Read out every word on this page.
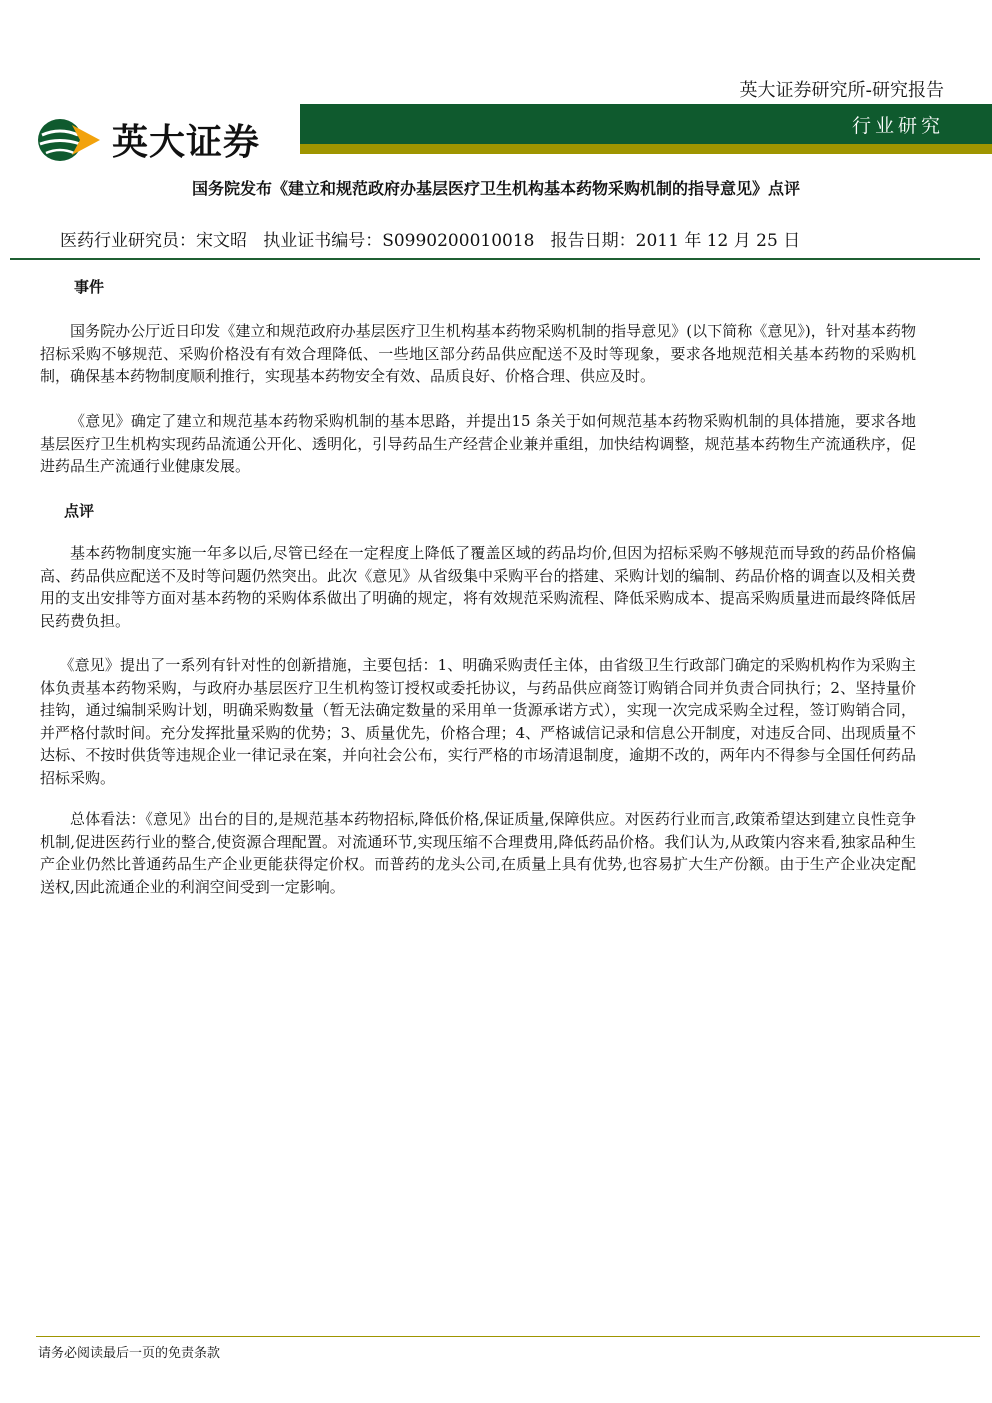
英大证券研究所-研究报告
英大证券	行业研究
国务院发布《建立和规范政府办基层医疗卫生机构基本药物采购机制的指导意见》点评
医药行业研究员：宋文昭   执业证书编号：S0990200010018   报告日期：2011 年 12 月 25 日
事件

国务院办公厅近日印发《建立和规范政府办基层医疗卫生机构基本药物采购机制的指导意见》(以下简称《意见》)，针对基本药物招标采购不够规范、采购价格没有有效合理降低、一些地区部分药品供应配送不及时等现象，要求各地规范相关基本药物的采购机制，确保基本药物制度顺利推行，实现基本药物安全有效、品质良好、价格合理、供应及时。

《意见》确定了建立和规范基本药物采购机制的基本思路，并提出15 条关于如何规范基本药物采购机制的具体措施，要求各地基层医疗卫生机构实现药品流通公开化、透明化，引导药品生产经营企业兼并重组，加快结构调整，规范基本药物生产流通秩序，促进药品生产流通行业健康发展。

点评

基本药物制度实施一年多以后,尽管已经在一定程度上降低了覆盖区域的药品均价,但因为招标采购不够规范而导致的药品价格偏高、药品供应配送不及时等问题仍然突出。此次《意见》从省级集中采购平台的搭建、采购计划的编制、药品价格的调查以及相关费用的支出安排等方面对基本药物的采购体系做出了明确的规定，将有效规范采购流程、降低采购成本、提高采购质量进而最终降低居民药费负担。

《意见》提出了一系列有针对性的创新措施，主要包括：1、明确采购责任主体，由省级卫生行政部门确定的采购机构作为采购主体负责基本药物采购，与政府办基层医疗卫生机构签订授权或委托协议，与药品供应商签订购销合同并负责合同执行；2、坚持量价挂钩，通过编制采购计划，明确采购数量（暂无法确定数量的采用单一货源承诺方式），实现一次完成采购全过程，签订购销合同，并严格付款时间。充分发挥批量采购的优势；3、质量优先，价格合理；4、严格诚信记录和信息公开制度，对违反合同、出现质量不达标、不按时供货等违规企业一律记录在案，并向社会公布，实行严格的市场清退制度，逾期不改的，两年内不得参与全国任何药品招标采购。

总体看法：《意见》出台的目的,是规范基本药物招标,降低价格,保证质量,保障供应。对医药行业而言,政策希望达到建立良性竞争机制,促进医药行业的整合,使资源合理配置。对流通环节,实现压缩不合理费用,降低药品价格。我们认为,从政策内容来看,独家品种生产企业仍然比普通药品生产企业更能获得定价权。而普药的龙头公司,在质量上具有优势,也容易扩大生产份额。由于生产企业决定配送权,因此流通企业的利润空间受到一定影响。

请务必阅读最后一页的免责条款
